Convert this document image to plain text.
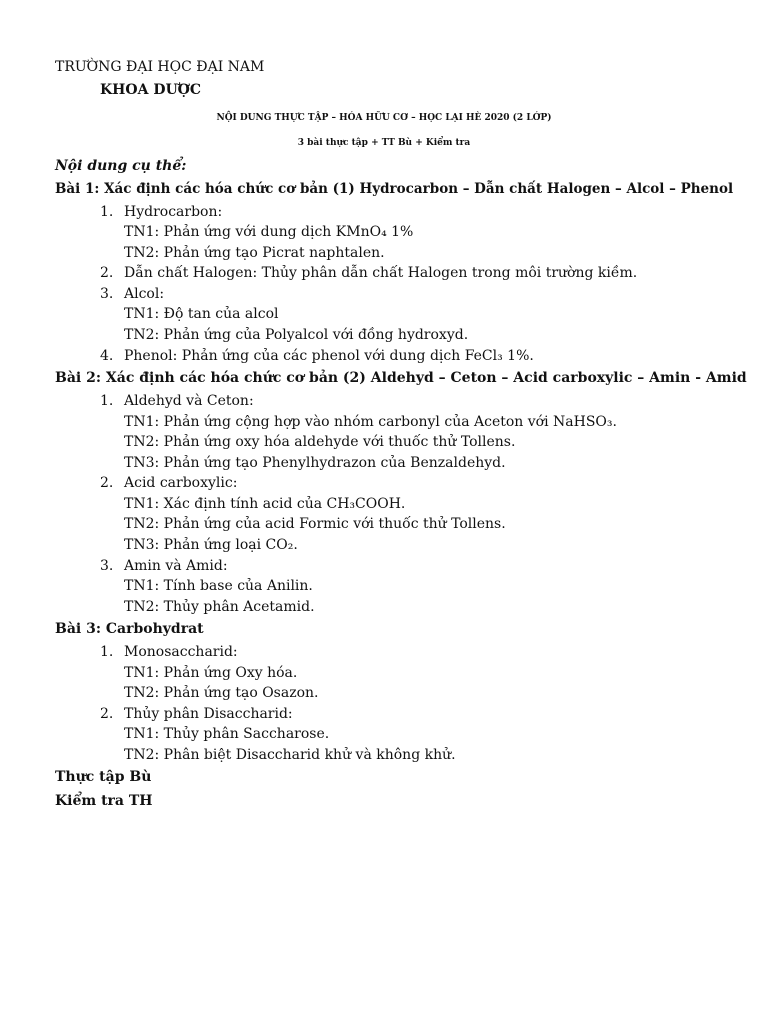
TRƯỜNG ĐẠI HỌC ĐẠI NAM
KHOA DƯỢC
NỘI DUNG THỰC TẬP – HÓA HỮU CƠ – HỌC LẠI HÈ 2020 (2 LỚP)
3 bài thực tập + TT Bù + Kiểm tra
Nội dung cụ thể:
Bài 1: Xác định các hóa chức cơ bản (1) Hydrocarbon – Dẫn chất Halogen – Alcol – Phenol
1. Hydrocarbon:
TN1: Phản ứng với dung dịch KMnO₄ 1%
TN2: Phản ứng tạo Picrat naphtalen.
2. Dẫn chất Halogen: Thủy phân dẫn chất Halogen trong môi trường kiềm.
3. Alcol:
TN1: Độ tan của alcol
TN2: Phản ứng của Polyalcol với đồng hydroxyd.
4. Phenol: Phản ứng của các phenol với dung dịch FeCl₃ 1%.
Bài 2: Xác định các hóa chức cơ bản (2) Aldehyd – Ceton – Acid carboxylic – Amin - Amid
1. Aldehyd và Ceton:
TN1: Phản ứng cộng hợp vào nhóm carbonyl của Aceton với NaHSO₃.
TN2: Phản ứng oxy hóa aldehyde với thuốc thử Tollens.
TN3: Phản ứng tạo Phenylhydrazon của Benzaldehyd.
2. Acid carboxylic:
TN1: Xác định tính acid của CH₃COOH.
TN2: Phản ứng của acid Formic với thuốc thử Tollens.
TN3: Phản ứng loại CO₂.
3. Amin và Amid:
TN1: Tính base của Anilin.
TN2: Thủy phân Acetamid.
Bài 3: Carbohydrat
1. Monosaccharid:
TN1: Phản ứng Oxy hóa.
TN2: Phản ứng tạo Osazon.
2. Thủy phân Disaccharid:
TN1: Thủy phân Saccharose.
TN2: Phân biệt Disaccharid khử và không khử.
Thực tập Bù
Kiểm tra TH
